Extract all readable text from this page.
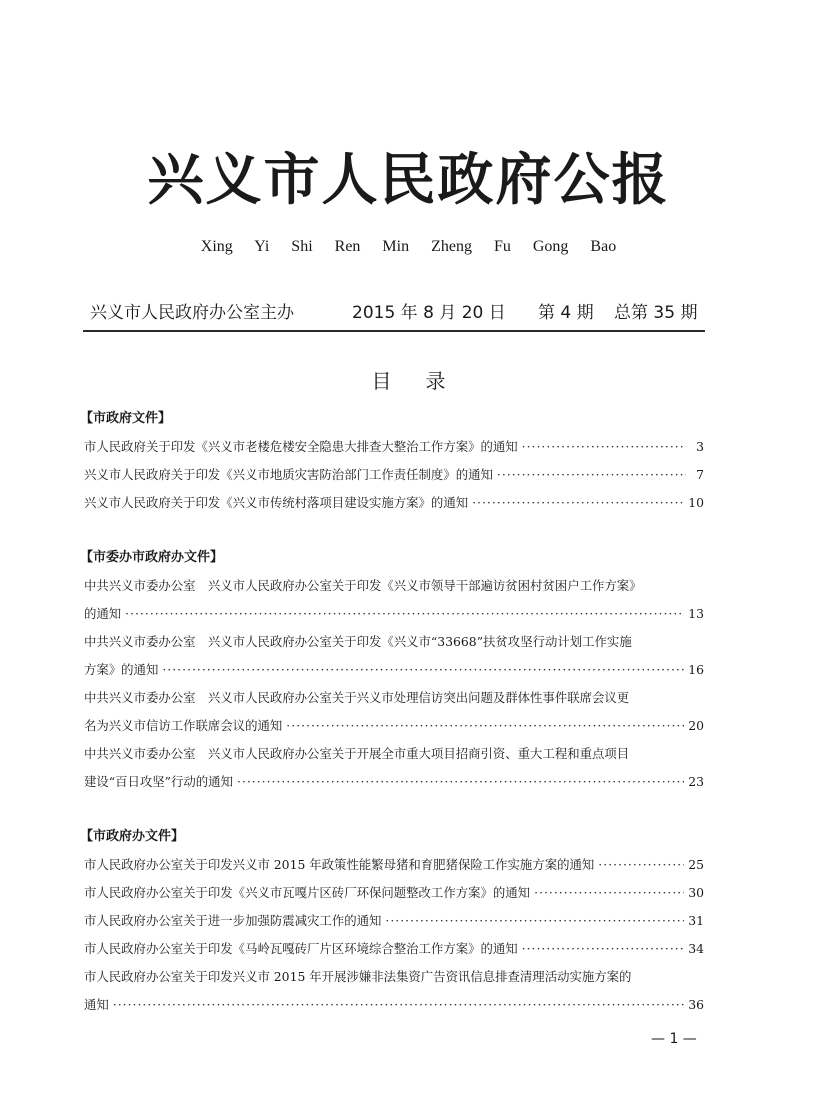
兴义市人民政府公报
Xing Yi Shi Ren Min Zheng Fu Gong Bao
兴义市人民政府办公室主办	2015 年 8 月 20 日 第 4 期 总第 35 期
目录
【市政府文件】
市人民政府关于印发《兴义市老楼危楼安全隐患大排查大整治工作方案》的通知 ·····	3
兴义市人民政府关于印发《兴义市地质灾害防治部门工作责任制度》的通知 ·····	7
兴义市人民政府关于印发《兴义市传统村落项目建设实施方案》的通知 ·····	10
【市委办市政府办文件】
中共兴义市委办公室　兴义市人民政府办公室关于印发《兴义市领导干部遍访贫困村贫困户工作方案》
的通知 ·····	13
中共兴义市委办公室　兴义市人民政府办公室关于印发《兴义市“33668”扶贫攻坚行动计划工作实施
方案》的通知 ·····	16
中共兴义市委办公室　兴义市人民政府办公室关于兴义市处理信访突出问题及群体性事件联席会议更
名为兴义市信访工作联席会议的通知 ·····	20
中共兴义市委办公室　兴义市人民政府办公室关于开展全市重大项目招商引资、重大工程和重点项目
建设“百日攻坚”行动的通知 ·····	23
【市政府办文件】
市人民政府办公室关于印发兴义市 2015 年政策性能繁母猪和育肥猪保险工作实施方案的通知 ·····	25
市人民政府办公室关于印发《兴义市瓦嘎片区砖厂环保问题整改工作方案》的通知 ·····	30
市人民政府办公室关于进一步加强防震减灾工作的通知 ·····	31
市人民政府办公室关于印发《马岭瓦嘎砖厂片区环境综合整治工作方案》的通知 ·····	34
市人民政府办公室关于印发兴义市 2015 年开展涉嫌非法集资广告资讯信息排查清理活动实施方案的
通知 ·····	36
— 1 —
